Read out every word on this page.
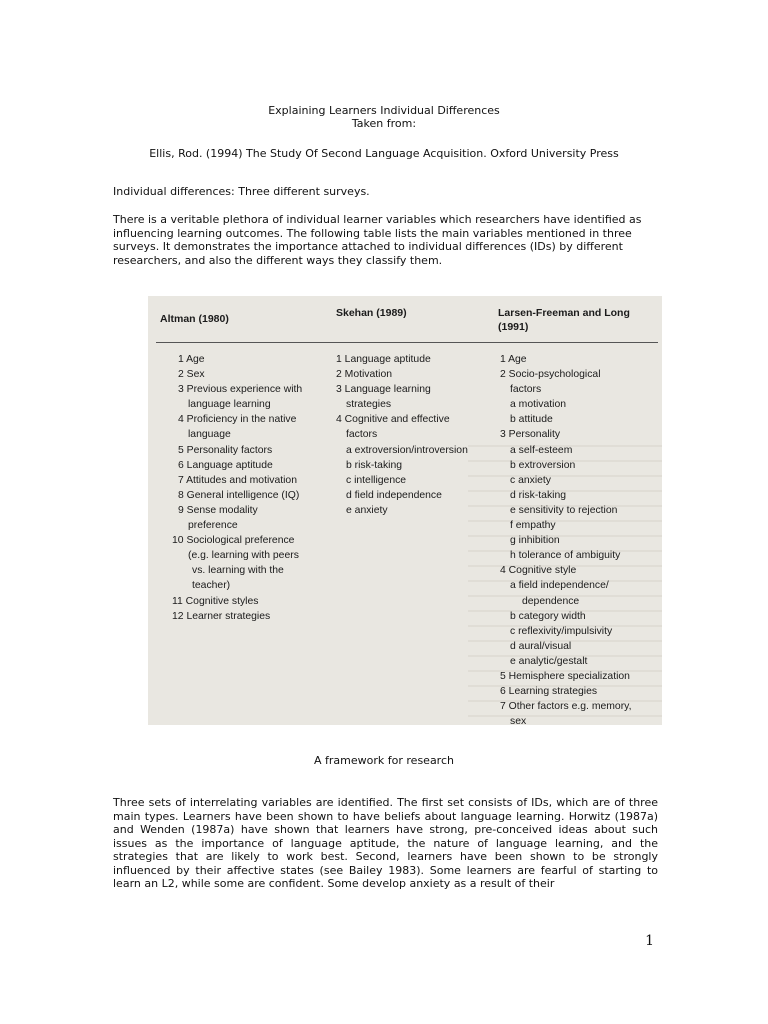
Explaining Learners Individual Differences
Taken from:
Ellis, Rod. (1994) The Study Of Second Language Acquisition. Oxford University Press
Individual differences: Three different surveys.
There is a veritable plethora of individual learner variables which researchers have identified as influencing learning outcomes. The following table lists the main variables mentioned in three surveys. It demonstrates the importance attached to individual differences (IDs) by different researchers, and also the different ways they classify them.
Altman (1980)	Skehan (1989)	Larsen-Freeman and Long
(1991)
1 Age
2 Sex
3 Previous experience with
language learning
4 Proficiency in the native
language
5 Personality factors
6 Language aptitude
7 Attitudes and motivation
8 General intelligence (IQ)
9 Sense modality
preference
10 Sociological preference
(e.g. learning with peers
vs. learning with the
teacher)
11 Cognitive styles
12 Learner strategies
1 Language aptitude
2 Motivation
3 Language learning
strategies
4 Cognitive and effective
factors
a extroversion/introversion
b risk-taking
c intelligence
d field independence
e anxiety
1 Age
2 Socio-psychological
factors
a motivation
b attitude
3 Personality
a self-esteem
b extroversion
c anxiety
d risk-taking
e sensitivity to rejection
f empathy
g inhibition
h tolerance of ambiguity
4 Cognitive style
a field independence/
dependence
b category width
c reflexivity/impulsivity
d aural/visual
e analytic/gestalt
5 Hemisphere specialization
6 Learning strategies
7 Other factors e.g. memory,
sex
A framework for research
Three sets of interrelating variables are identified. The first set consists of IDs, which are of three main types. Learners have been shown to have beliefs about language learning. Horwitz (1987a) and Wenden (1987a) have shown that learners have strong, pre-conceived ideas about such issues as the importance of language aptitude, the nature of language learning, and the strategies that are likely to work best. Second, learners have been shown to be strongly influenced by their affective states (see Bailey 1983). Some learners are fearful of starting to learn an L2, while some are confident. Some develop anxiety as a result of their
1
